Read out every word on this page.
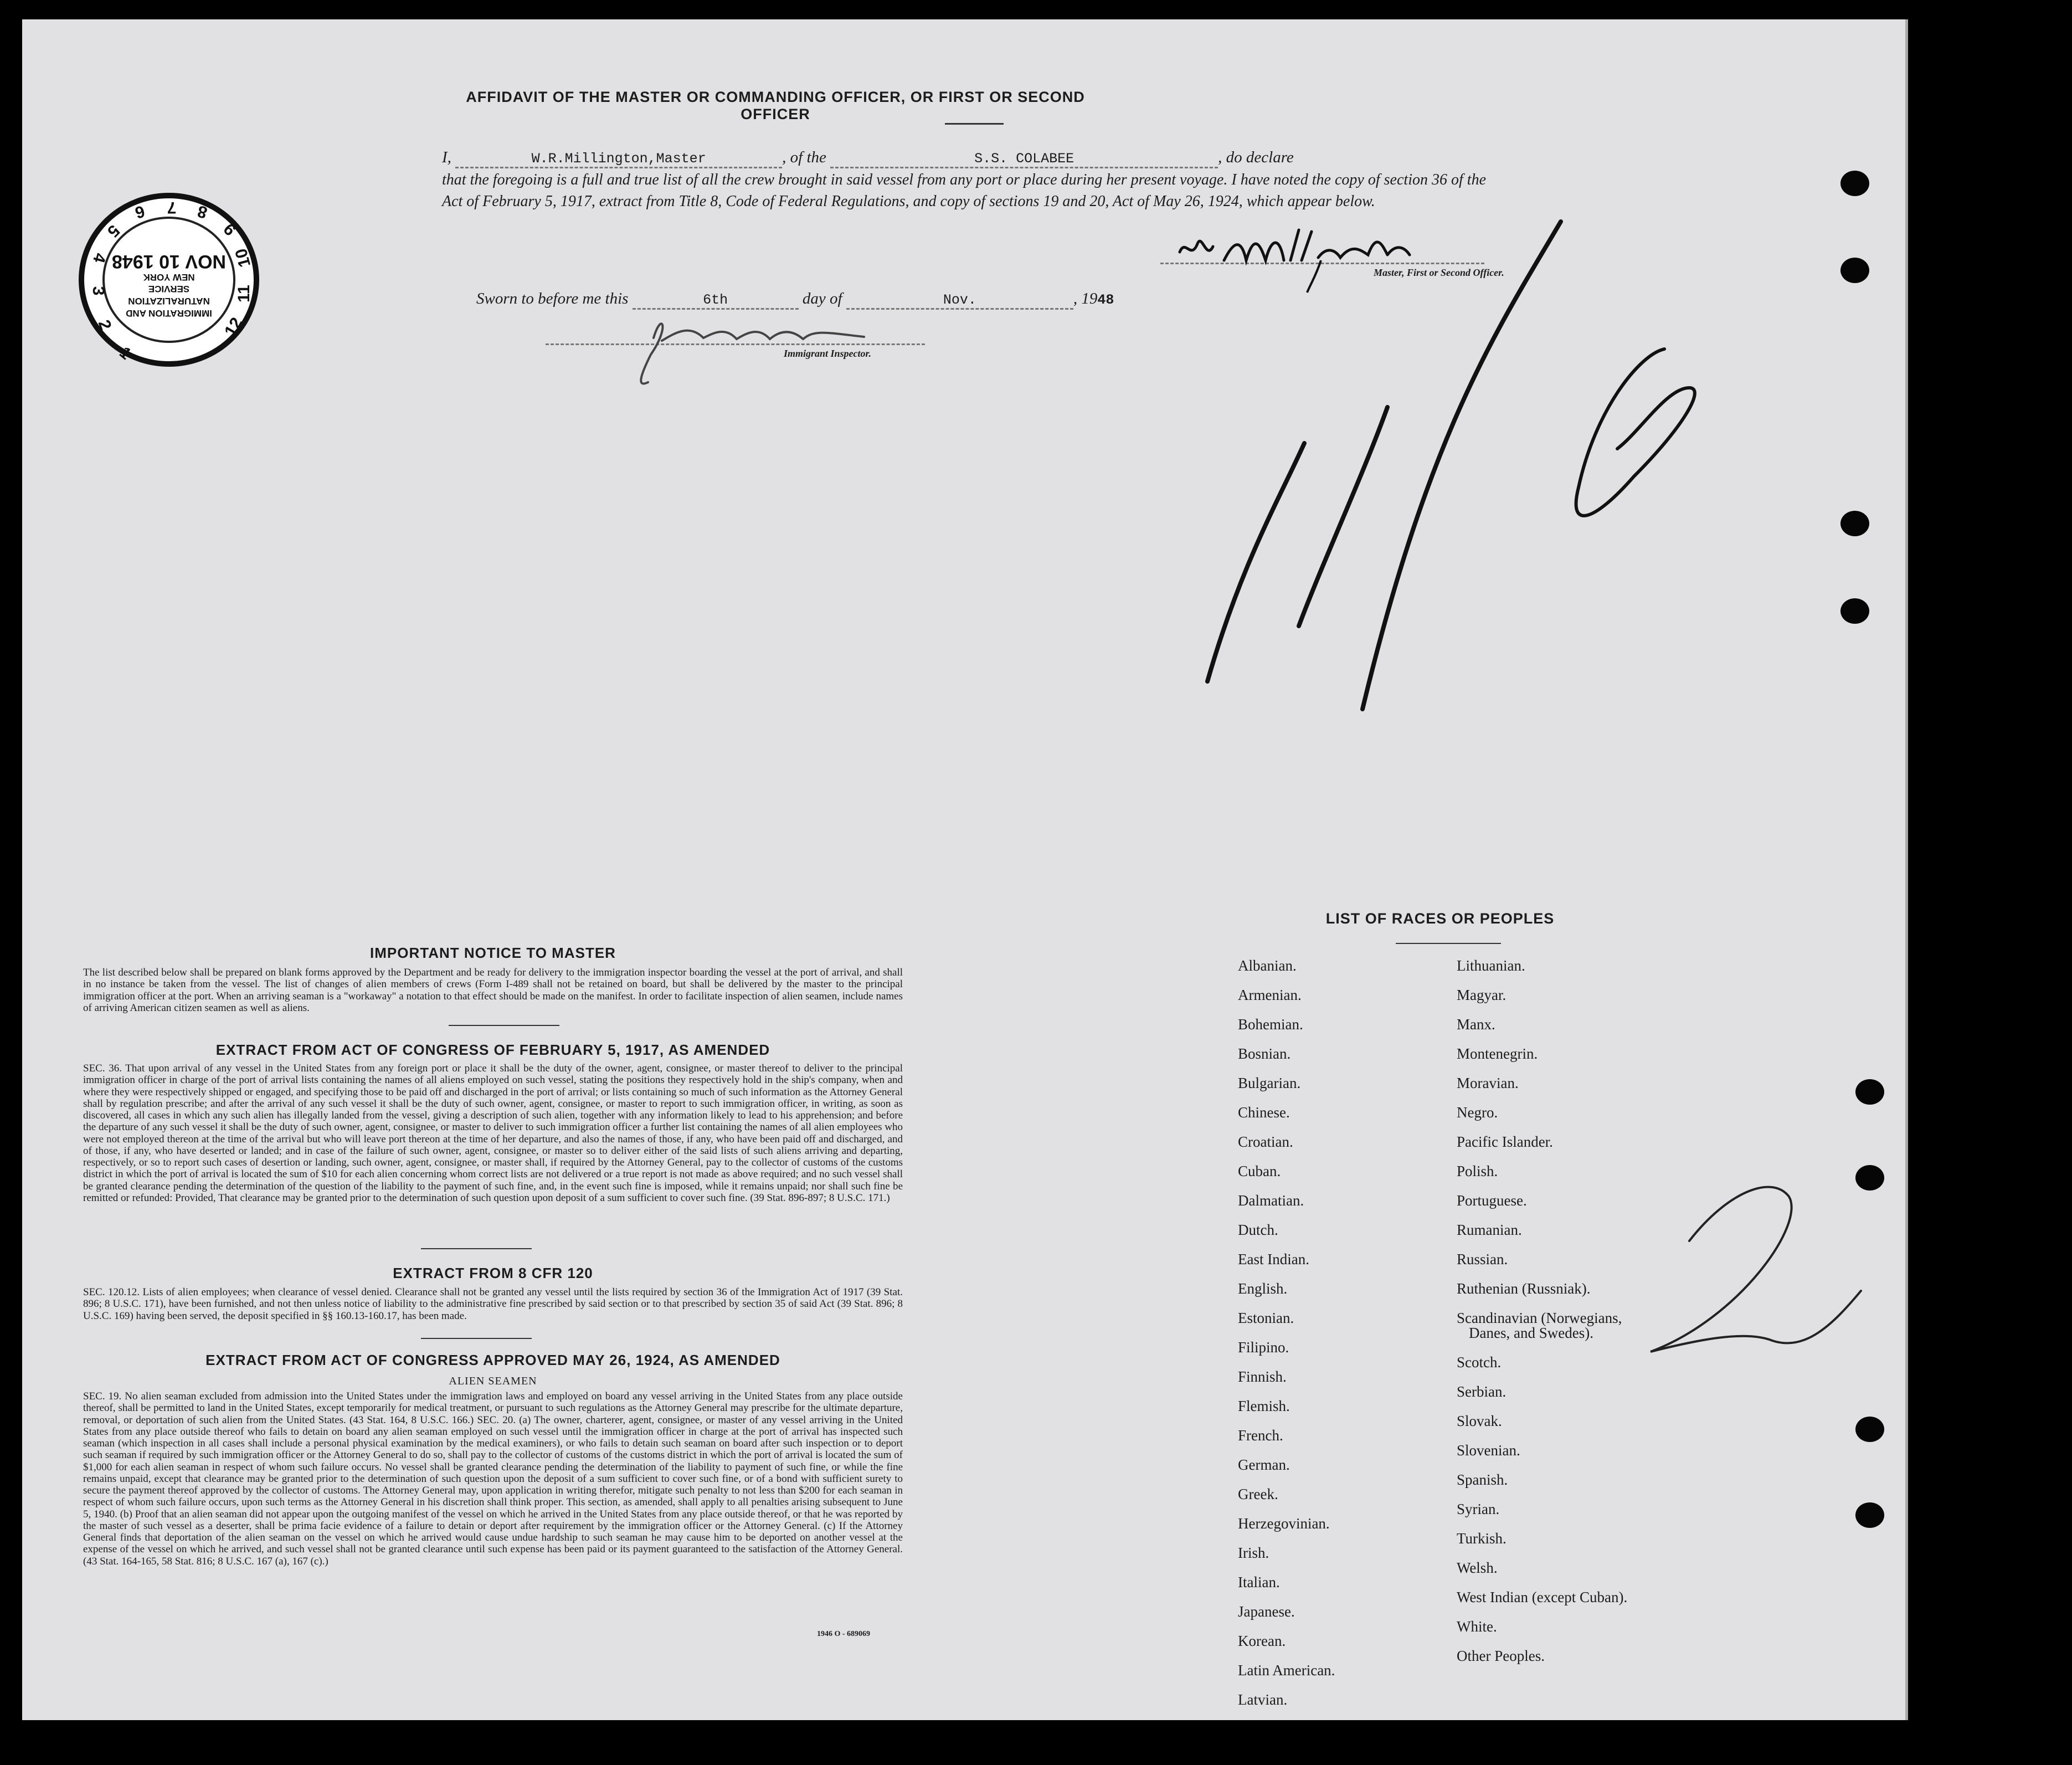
AFFIDAVIT OF THE MASTER OR COMMANDING OFFICER, OR FIRST OR SECOND OFFICER
I,	W.R.Millington,Master	, of the	S.S. COLABEE	, do declare
that the foregoing is a full and true list of all the crew brought in said vessel from any port or place during her present voyage. I have noted the copy of section 36 of the Act of February 5, 1917, extract from Title 8, Code of Federal Regulations, and copy of sections 19 and 20, Act of May 26, 1924, which appear below.
Master, First or Second Officer.
Sworn to before me this	6th	day of	Nov.	, 1948
Immigrant Inspector.
1
2
3
4
5
6 7 8
9
10
11
12
IMMIGRATION AND
NATURALIZATION
SERVICE
NEW YORK
NOV 10 1948
IMPORTANT NOTICE TO MASTER
The list described below shall be prepared on blank forms approved by the Department and be ready for delivery to the immigration inspector boarding the vessel at the port of arrival, and shall in no instance be taken from the vessel. The list of changes of alien members of crews (Form I-489 shall not be retained on board, but shall be delivered by the master to the principal immigration officer at the port. When an arriving seaman is a "workaway" a notation to that effect should be made on the manifest. In order to facilitate inspection of alien seamen, include names of arriving American citizen seamen as well as aliens.
EXTRACT FROM ACT OF CONGRESS OF FEBRUARY 5, 1917, AS AMENDED
SEC. 36. That upon arrival of any vessel in the United States from any foreign port or place it shall be the duty of the owner, agent, consignee, or master thereof to deliver to the principal immigration officer in charge of the port of arrival lists containing the names of all aliens employed on such vessel, stating the positions they respectively hold in the ship's company, when and where they were respectively shipped or engaged, and specifying those to be paid off and discharged in the port of arrival; or lists containing so much of such information as the Attorney General shall by regulation prescribe; and after the arrival of any such vessel it shall be the duty of such owner, agent, consignee, or master to report to such immigration officer, in writing, as soon as discovered, all cases in which any such alien has illegally landed from the vessel, giving a description of such alien, together with any information likely to lead to his apprehension; and before the departure of any such vessel it shall be the duty of such owner, agent, consignee, or master to deliver to such immigration officer a further list containing the names of all alien employees who were not employed thereon at the time of the arrival but who will leave port thereon at the time of her departure, and also the names of those, if any, who have been paid off and discharged, and of those, if any, who have deserted or landed; and in case of the failure of such owner, agent, consignee, or master so to deliver either of the said lists of such aliens arriving and departing, respectively, or so to report such cases of desertion or landing, such owner, agent, consignee, or master shall, if required by the Attorney General, pay to the collector of customs of the customs district in which the port of arrival is located the sum of $10 for each alien concerning whom correct lists are not delivered or a true report is not made as above required; and no such vessel shall be granted clearance pending the determination of the question of the liability to the payment of such fine, and, in the event such fine is imposed, while it remains unpaid; nor shall such fine be remitted or refunded: Provided, That clearance may be granted prior to the determination of such question upon deposit of a sum sufficient to cover such fine. (39 Stat. 896-897; 8 U.S.C. 171.)
EXTRACT FROM 8 CFR 120
SEC. 120.12. Lists of alien employees; when clearance of vessel denied. Clearance shall not be granted any vessel until the lists required by section 36 of the Immigration Act of 1917 (39 Stat. 896; 8 U.S.C. 171), have been furnished, and not then unless notice of liability to the administrative fine prescribed by said section or to that prescribed by section 35 of said Act (39 Stat. 896; 8 U.S.C. 169) having been served, the deposit specified in §§ 160.13-160.17, has been made.
EXTRACT FROM ACT OF CONGRESS APPROVED MAY 26, 1924, AS AMENDED
ALIEN SEAMEN
SEC. 19. No alien seaman excluded from admission into the United States under the immigration laws and employed on board any vessel arriving in the United States from any place outside thereof, shall be permitted to land in the United States, except temporarily for medical treatment, or pursuant to such regulations as the Attorney General may prescribe for the ultimate departure, removal, or deportation of such alien from the United States. (43 Stat. 164, 8 U.S.C. 166.) SEC. 20. (a) The owner, charterer, agent, consignee, or master of any vessel arriving in the United States from any place outside thereof who fails to detain on board any alien seaman employed on such vessel until the immigration officer in charge at the port of arrival has inspected such seaman (which inspection in all cases shall include a personal physical examination by the medical examiners), or who fails to detain such seaman on board after such inspection or to deport such seaman if required by such immigration officer or the Attorney General to do so, shall pay to the collector of customs of the customs district in which the port of arrival is located the sum of $1,000 for each alien seaman in respect of whom such failure occurs. No vessel shall be granted clearance pending the determination of the liability to payment of such fine, or while the fine remains unpaid, except that clearance may be granted prior to the determination of such question upon the deposit of a sum sufficient to cover such fine, or of a bond with sufficient surety to secure the payment thereof approved by the collector of customs. The Attorney General may, upon application in writing therefor, mitigate such penalty to not less than $200 for each seaman in respect of whom such failure occurs, upon such terms as the Attorney General in his discretion shall think proper. This section, as amended, shall apply to all penalties arising subsequent to June 5, 1940. (b) Proof that an alien seaman did not appear upon the outgoing manifest of the vessel on which he arrived in the United States from any place outside thereof, or that he was reported by the master of such vessel as a deserter, shall be prima facie evidence of a failure to detain or deport after requirement by the immigration officer or the Attorney General. (c) If the Attorney General finds that deportation of the alien seaman on the vessel on which he arrived would cause undue hardship to such seaman he may cause him to be deported on another vessel at the expense of the vessel on which he arrived, and such vessel shall not be granted clearance until such expense has been paid or its payment guaranteed to the satisfaction of the Attorney General. (43 Stat. 164-165, 58 Stat. 816; 8 U.S.C. 167 (a), 167 (c).)
1946 O - 689069
LIST OF RACES OR PEOPLES
Albanian.
Armenian.
Bohemian.
Bosnian.
Bulgarian.
Chinese.
Croatian.
Cuban.
Dalmatian.
Dutch.
East Indian.
English.
Estonian.
Filipino.
Finnish.
Flemish.
French.
German.
Greek.
Herzegovinian.
Irish.
Italian.
Japanese.
Korean.
Latin American.
Latvian.
Lithuanian.
Magyar.
Manx.
Montenegrin.
Moravian.
Negro.
Pacific Islander.
Polish.
Portuguese.
Rumanian.
Russian.
Ruthenian (Russniak).
Scandinavian (Norwegians,
Danes, and Swedes).
Scotch.
Serbian.
Slovak.
Slovenian.
Spanish.
Syrian.
Turkish.
Welsh.
West Indian (except Cuban).
White.
Other Peoples.
